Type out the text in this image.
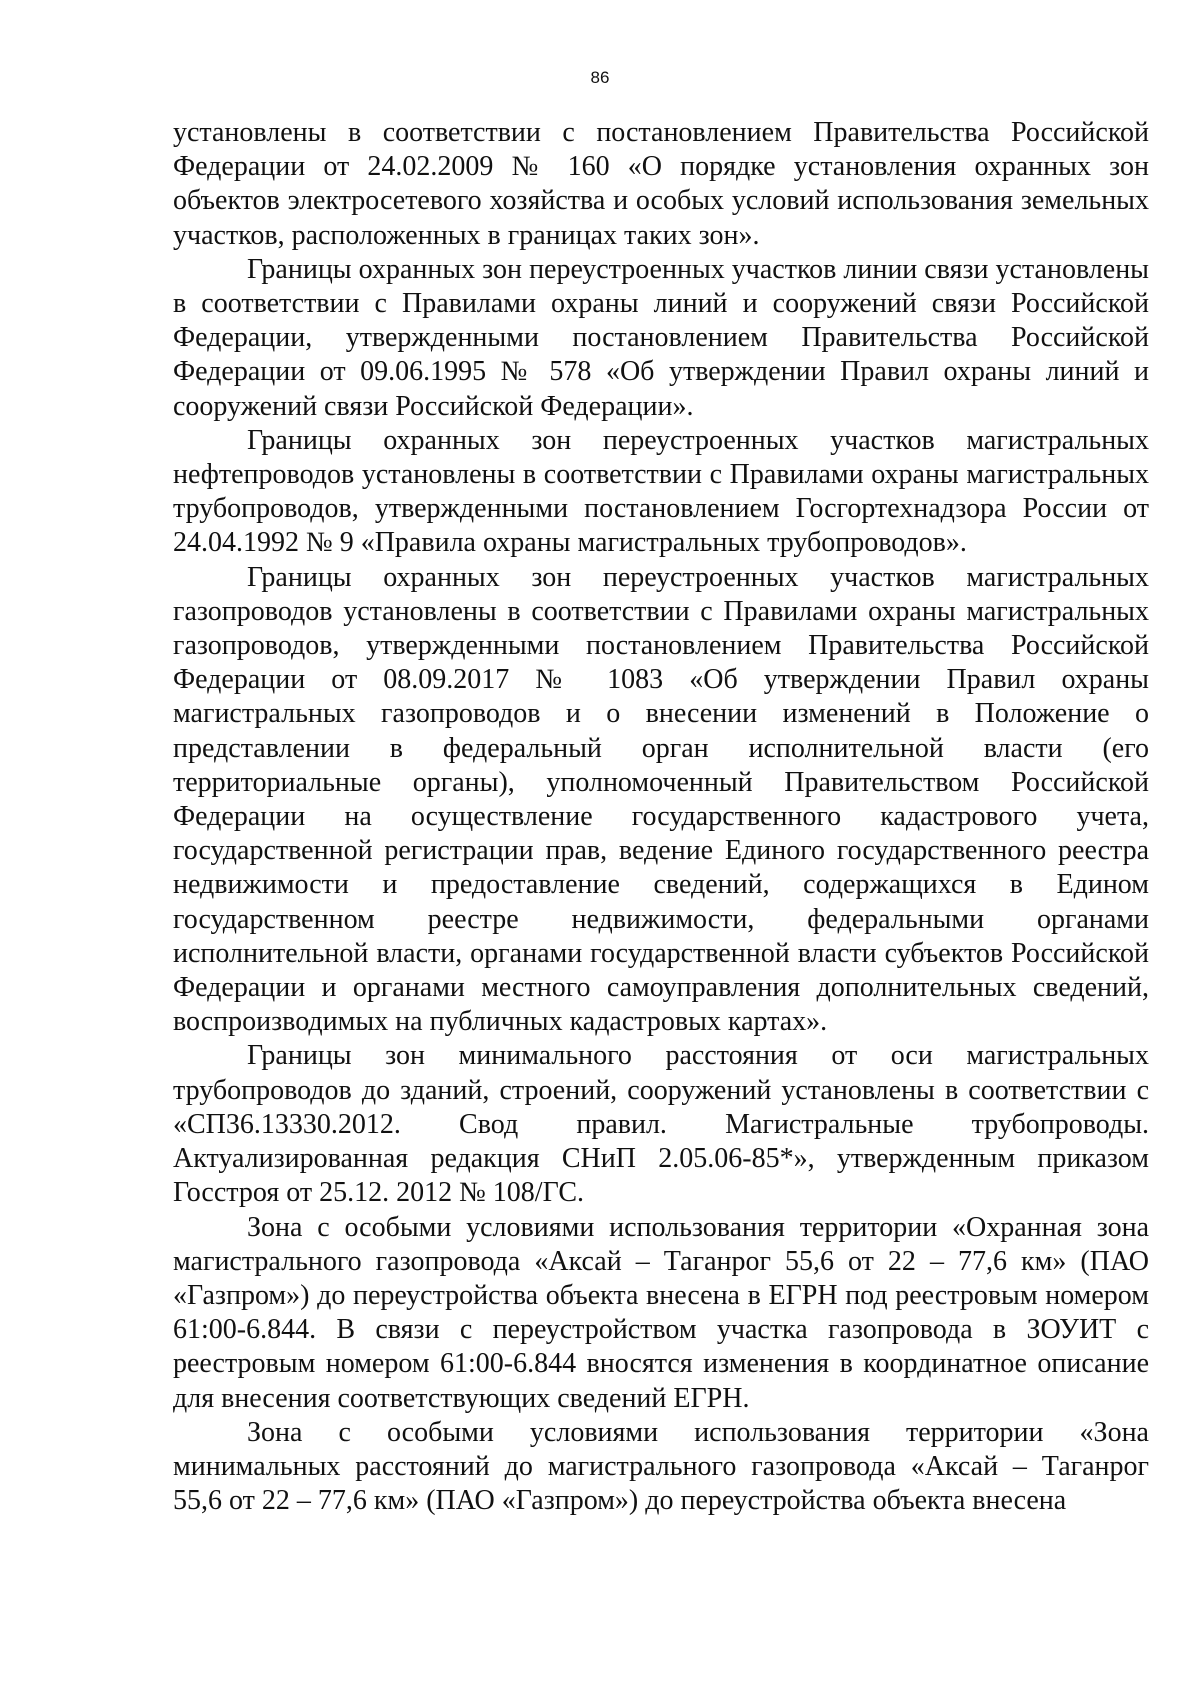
86

установлены в соответствии с постановлением Правительства Российской Федерации от 24.02.2009 № 160 «О порядке установления охранных зон объектов электросетевого хозяйства и особых условий использования земельных участков, расположенных в границах таких зон».

Границы охранных зон переустроенных участков линии связи установлены в соответствии с Правилами охраны линий и сооружений связи Российской Федерации, утвержденными постановлением Правительства Российской Федерации от 09.06.1995 № 578 «Об утверждении Правил охраны линий и сооружений связи Российской Федерации».

Границы охранных зон переустроенных участков магистральных нефтепроводов установлены в соответствии с Правилами охраны магистральных трубопроводов, утвержденными постановлением Госгортехнадзора России от 24.04.1992 № 9 «Правила охраны магистральных трубопроводов».

Границы охранных зон переустроенных участков магистральных газопроводов установлены в соответствии с Правилами охраны магистральных газопроводов, утвержденными постановлением Правительства Российской Федерации от 08.09.2017 № 1083 «Об утверждении Правил охраны магистральных газопроводов и о внесении изменений в Положение о представлении в федеральный орган исполнительной власти (его территориальные органы), уполномоченный Правительством Российской Федерации на осуществление государственного кадастрового учета, государственной регистрации прав, ведение Единого государственного реестра недвижимости и предоставление сведений, содержащихся в Едином государственном реестре недвижимости, федеральными органами исполнительной власти, органами государственной власти субъектов Российской Федерации и органами местного самоуправления дополнительных сведений, воспроизводимых на публичных кадастровых картах».

Границы зон минимального расстояния от оси магистральных трубопроводов до зданий, строений, сооружений установлены в соответствии с «СП36.13330.2012. Свод правил. Магистральные трубопроводы. Актуализированная редакция СНиП 2.05.06-85*», утвержденным приказом Госстроя от 25.12. 2012 № 108/ГС.

Зона с особыми условиями использования территории «Охранная зона магистрального газопровода «Аксай – Таганрог 55,6 от 22 – 77,6 км» (ПАО «Газпром») до переустройства объекта внесена в ЕГРН под реестровым номером 61:00-6.844. В связи с переустройством участка газопровода в ЗОУИТ с реестровым номером 61:00-6.844 вносятся изменения в координатное описание для внесения соответствующих сведений ЕГРН.

Зона с особыми условиями использования территории «Зона минимальных расстояний до магистрального газопровода «Аксай – Таганрог 55,6 от 22 – 77,6 км» (ПАО «Газпром») до переустройства объекта внесена
